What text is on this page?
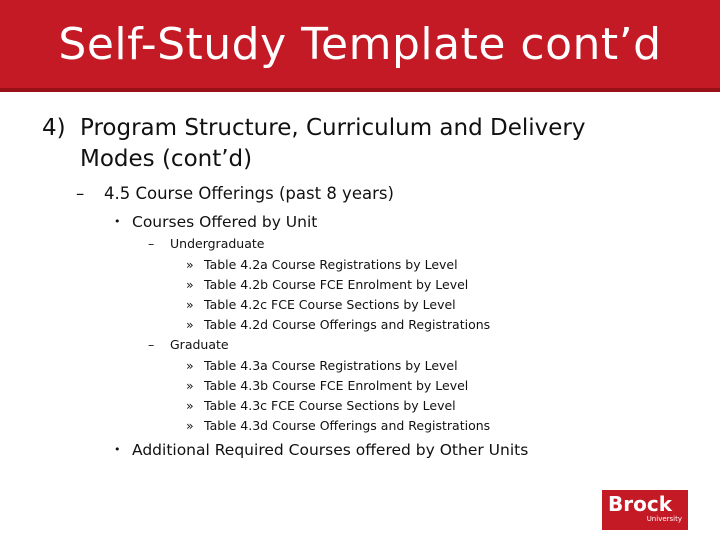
Self-Study Template cont’d
4) Program Structure, Curriculum and Delivery
Modes (cont’d)
– 4.5 Course Offerings (past 8 years)
• Courses Offered by Unit
– Undergraduate
» Table 4.2a Course Registrations by Level
» Table 4.2b Course FCE Enrolment by Level
» Table 4.2c FCE Course Sections by Level
» Table 4.2d Course Offerings and Registrations
– Graduate
» Table 4.3a Course Registrations by Level
» Table 4.3b Course FCE Enrolment by Level
» Table 4.3c FCE Course Sections by Level
» Table 4.3d Course Offerings and Registrations
• Additional Required Courses offered by Other Units
Brock
University
